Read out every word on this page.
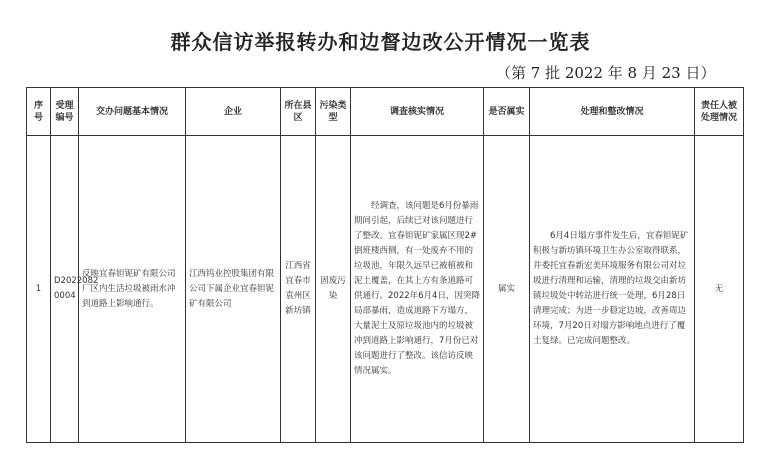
群众信访举报转办和边督边改公开情况一览表
（第 7 批 2022 年 8 月 23 日）
序号	受理编号	交办问题基本情况	企业	所在县区	污染类型	调查核实情况	是否属实	处理和整改情况	责任人被处理情况
1	D2022082 0004	反映宜春钽铌矿有限公司厂区内生活垃圾被雨水冲到道路上影响通行。	江西钨业控股集团有限公司下属企业宜春钽铌矿有限公司	江西省宜春市袁州区新坊镇	固废污染	经调查，该问题是6月份暴雨期间引起，后续已对该问题进行了整改。宜春钽铌矿家属区现2#倒班楼西侧，有一处废弃不用的垃圾池，年限久远早已被植被和泥土覆盖，在其上方有条道路可供通行。2022年6月4日，因突降局部暴雨，造成道路下方塌方，大量泥土及原垃圾池内的垃圾被冲到道路上影响通行，7月份已对该问题进行了整改。该信访反映情况属实。	属实	6月4日塌方事件发生后，宜春钽铌矿积极与新坊镇环境卫生办公室取得联系，并委托宜春新宏美环境服务有限公司对垃圾进行清理和运输，清理的垃圾交由新坊镇垃圾处中转站进行统一处理，6月28日清理完成；为进一步稳定边坡，改善周边环境，7月20日对塌方影响地点进行了覆土复绿。已完成问题整改。	无
